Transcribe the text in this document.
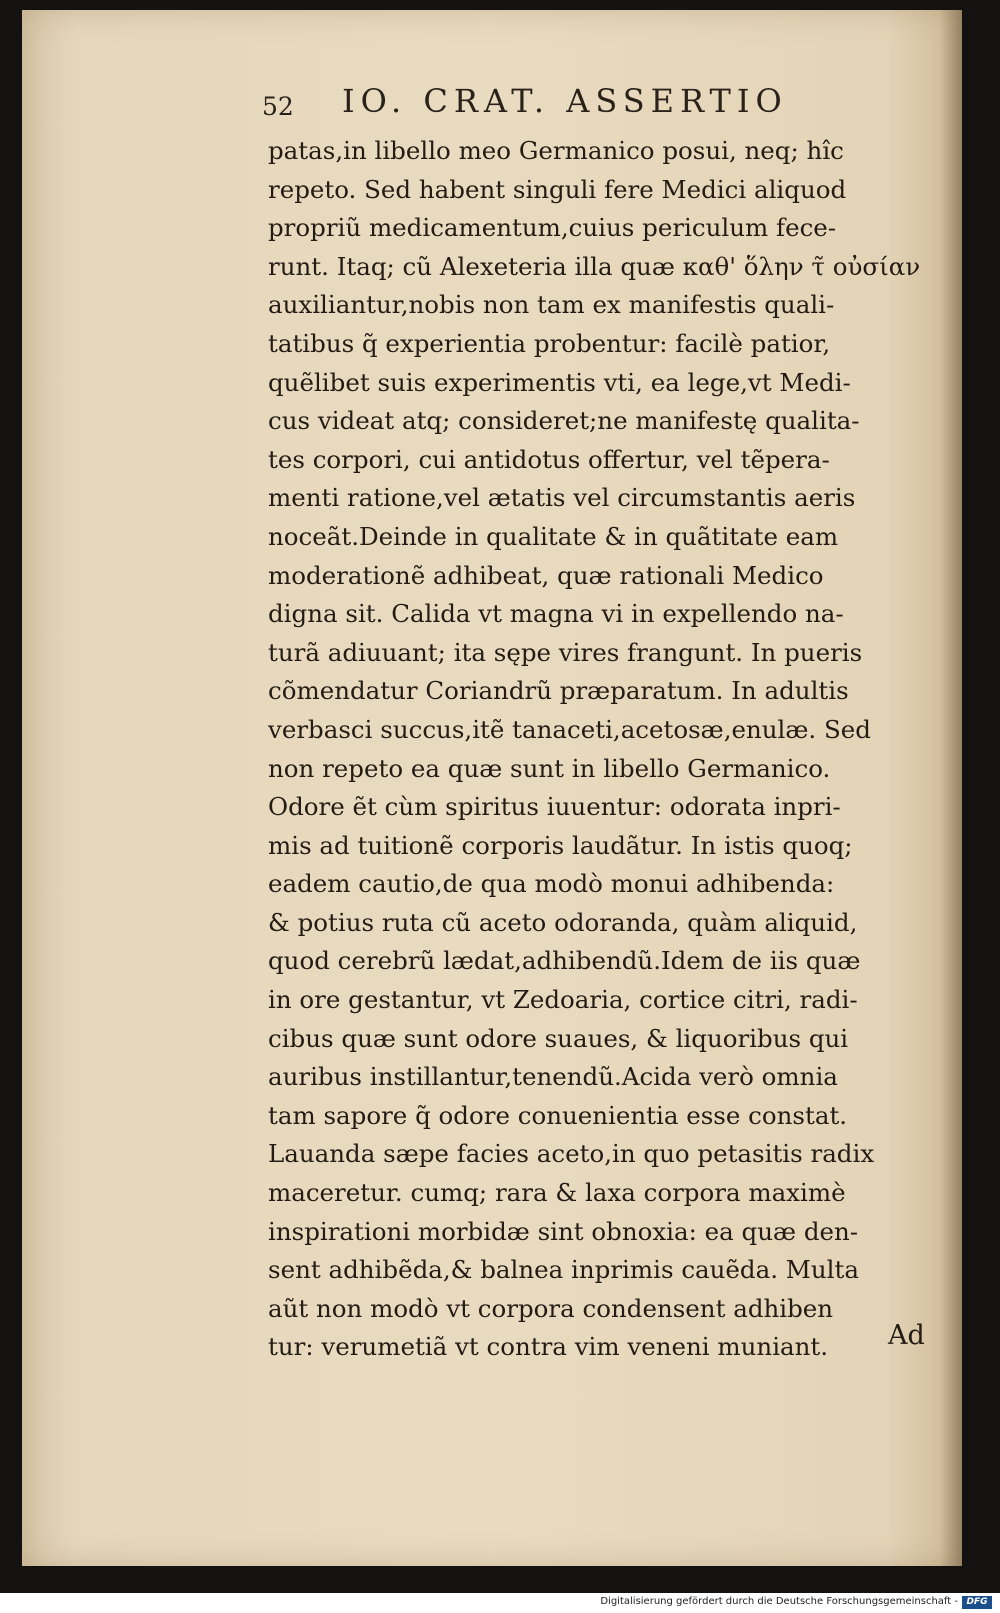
52 IO. CRAT. ASSERTIO
patas,in libello meo Germanico posui, neq; hîc
repeto. Sed habent singuli fere Medici aliquod
propriũ medicamentum,cuius periculum fece-
runt. Itaq; cũ Alexeteria illa quæ καθ' ὅλην τ̃ οὐσίαν
auxiliantur,nobis non tam ex manifestis quali-
tatibus q̃ experientia probentur: facilè patior,
quẽlibet suis experimentis vti, ea lege,vt Medi-
cus videat atq; consideret;ne manifestę qualita-
tes corpori, cui antidotus offertur, vel tẽpera-
menti ratione,vel ætatis vel circumstantis aeris
noceãt.Deinde in qualitate & in quãtitate eam
moderationẽ adhibeat, quæ rationali Medico
digna sit. Calida vt magna vi in expellendo na-
turã adiuuant; ita sępe vires frangunt. In pueris
cõmendatur Coriandrũ præparatum. In adultis
verbasci succus,itẽ tanaceti,acetosæ,enulæ. Sed
non repeto ea quæ sunt in libello Germanico.
Odore ẽt cùm spiritus iuuentur: odorata inpri-
mis ad tuitionẽ corporis laudãtur. In istis quoq;
eadem cautio,de qua modò monui adhibenda:
& potius ruta cũ aceto odoranda, quàm aliquid,
quod cerebrũ lædat,adhibendũ.Idem de iis quæ
in ore gestantur, vt Zedoaria, cortice citri, radi-
cibus quæ sunt odore suaues, & liquoribus qui
auribus instillantur,tenendũ.Acida verò omnia
tam sapore q̃ odore conuenientia esse constat.
Lauanda sæpe facies aceto,in quo petasitis radix
maceretur. cumq; rara & laxa corpora maximè
inspirationi morbidæ sint obnoxia: ea quæ den-
sent adhibẽda,& balnea inprimis cauẽda. Multa
aũt non modò vt corpora condensent adhiben
tur: verumetiã vt contra vim veneni muniant.	Ad
Digitalisierung gefördert durch die Deutsche Forschungsgemeinschaft - DFG
